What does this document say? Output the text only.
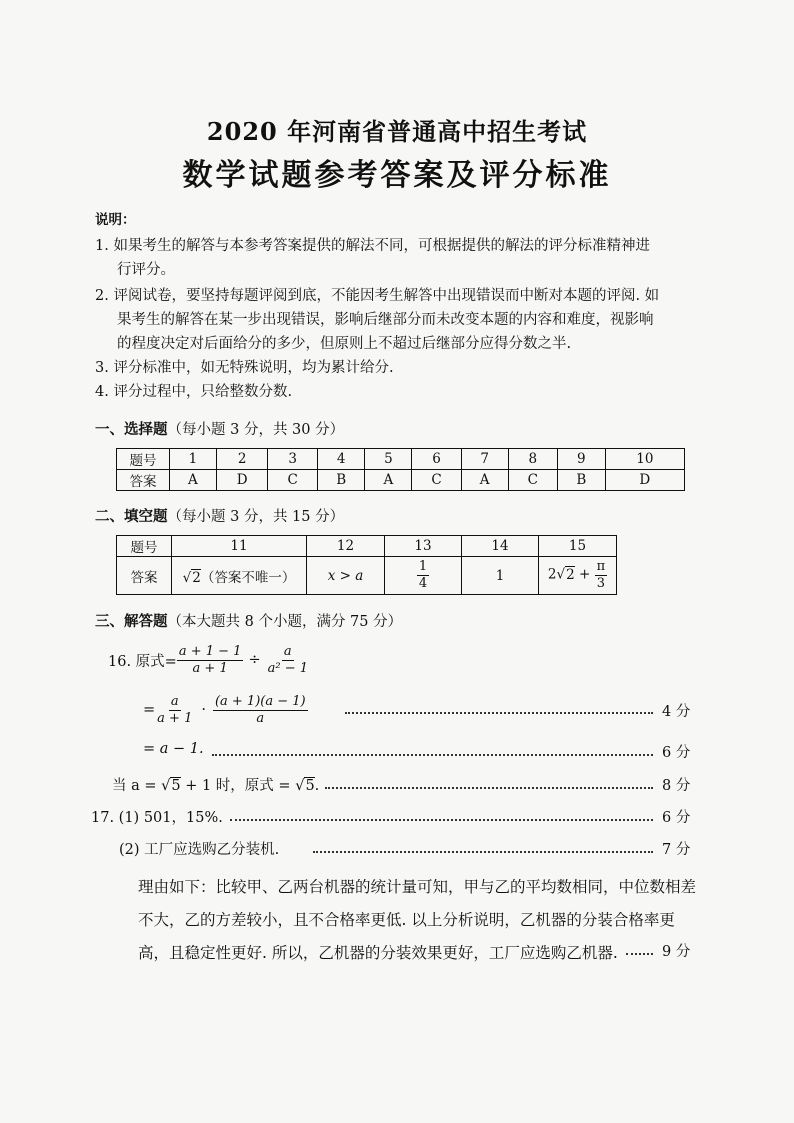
2020 年河南省普通高中招生考试
数学试题参考答案及评分标准
说明：
1. 如果考生的解答与本参考答案提供的解法不同，可根据提供的解法的评分标准精神进
行评分。
2. 评阅试卷，要坚持每题评阅到底，不能因考生解答中出现错误而中断对本题的评阅. 如
果考生的解答在某一步出现错误，影响后继部分而未改变本题的内容和难度，视影响
的程度决定对后面给分的多少，但原则上不超过后继部分应得分数之半.
3. 评分标准中，如无特殊说明，均为累计给分.
4. 评分过程中，只给整数分数.
一、选择题（每小题 3 分，共 30 分）
题号	1	2	3	4	5	6	7	8	9	10
答案	A	D	C	B	A	C	A	C	B	D
二、填空题（每小题 3 分，共 15 分）
题号	11	12	13	14	15
答案	√2（答案不唯一）	x > a	$\frac{1}{4}$	1	$2√2 + \frac{\pi}{3}$
三、解答题（本大题共 8 个小题，满分 75 分）
16. 原式= $\frac{a + 1 - 1}{a + 1} \div \frac{a}{\text{a² − 1}}$
= $\frac{a}{a + 1} \cdot \frac{(a + 1)(a - 1)}{a}$	4 分
= a − 1.	6 分
当 a = √5 + 1 时，原式 = √5.	8 分
17. (1) 501，15%.	6 分
(2) 工厂应选购乙分装机.	7 分
理由如下：比较甲、乙两台机器的统计量可知，甲与乙的平均数相同，中位数相差
不大，乙的方差较小，且不合格率更低. 以上分析说明，乙机器的分装合格率更
高，且稳定性更好. 所以，乙机器的分装效果更好，工厂应选购乙机器.	9 分
